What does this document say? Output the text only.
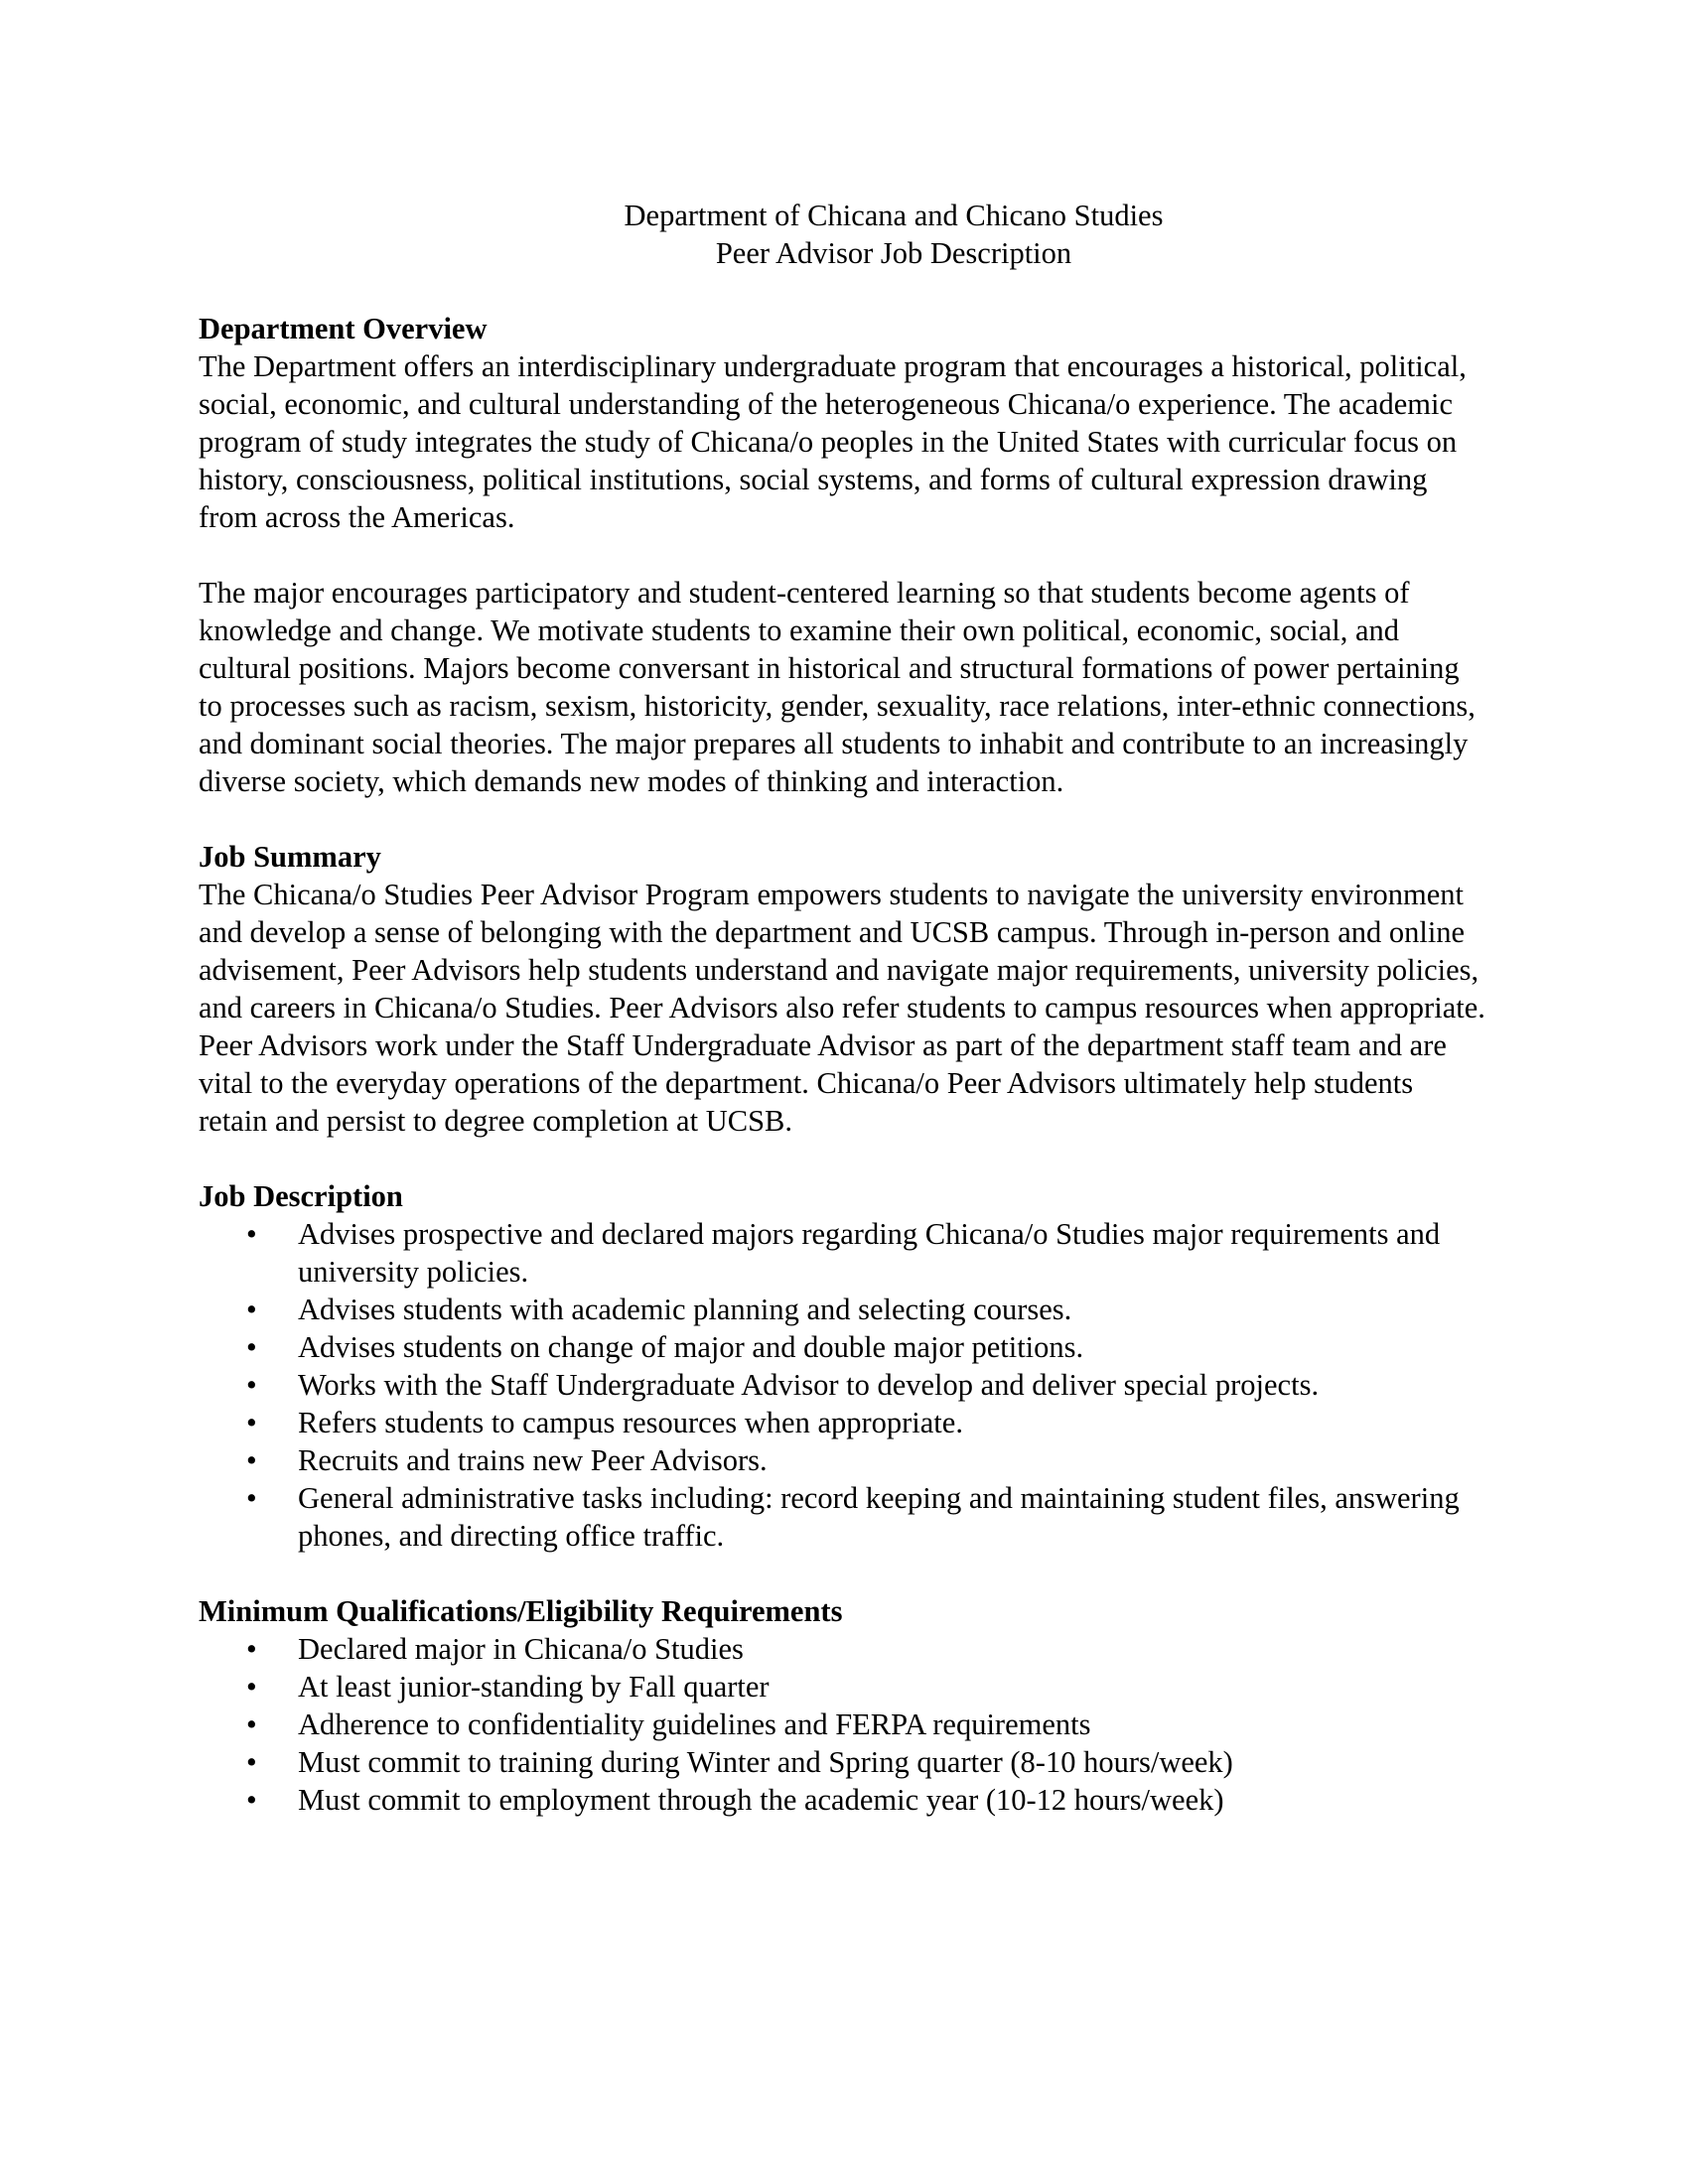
Department of Chicana and Chicano Studies
Peer Advisor Job Description
Department Overview

The Department offers an interdisciplinary undergraduate program that encourages a historical, political, social, economic, and cultural understanding of the heterogeneous Chicana/o experience. The academic program of study integrates the study of Chicana/o peoples in the United States with curricular focus on history, consciousness, political institutions, social systems, and forms of cultural expression drawing from across the Americas.

The major encourages participatory and student-centered learning so that students become agents of knowledge and change. We motivate students to examine their own political, economic, social, and cultural positions. Majors become conversant in historical and structural formations of power pertaining to processes such as racism, sexism, historicity, gender, sexuality, race relations, inter-ethnic connections, and dominant social theories. The major prepares all students to inhabit and contribute to an increasingly diverse society, which demands new modes of thinking and interaction.

Job Summary

The Chicana/o Studies Peer Advisor Program empowers students to navigate the university environment and develop a sense of belonging with the department and UCSB campus. Through in-person and online advisement, Peer Advisors help students understand and navigate major requirements, university policies, and careers in Chicana/o Studies. Peer Advisors also refer students to campus resources when appropriate. Peer Advisors work under the Staff Undergraduate Advisor as part of the department staff team and are vital to the everyday operations of the department. Chicana/o Peer Advisors ultimately help students retain and persist to degree completion at UCSB.

Job Description
• Advises prospective and declared majors regarding Chicana/o Studies major requirements and university policies.
• Advises students with academic planning and selecting courses.
• Advises students on change of major and double major petitions.
• Works with the Staff Undergraduate Advisor to develop and deliver special projects.
• Refers students to campus resources when appropriate.
• Recruits and trains new Peer Advisors.
• General administrative tasks including: record keeping and maintaining student files, answering phones, and directing office traffic.
Minimum Qualifications/Eligibility Requirements
• Declared major in Chicana/o Studies
• At least junior-standing by Fall quarter
• Adherence to confidentiality guidelines and FERPA requirements
• Must commit to training during Winter and Spring quarter (8-10 hours/week)
• Must commit to employment through the academic year (10-12 hours/week)
